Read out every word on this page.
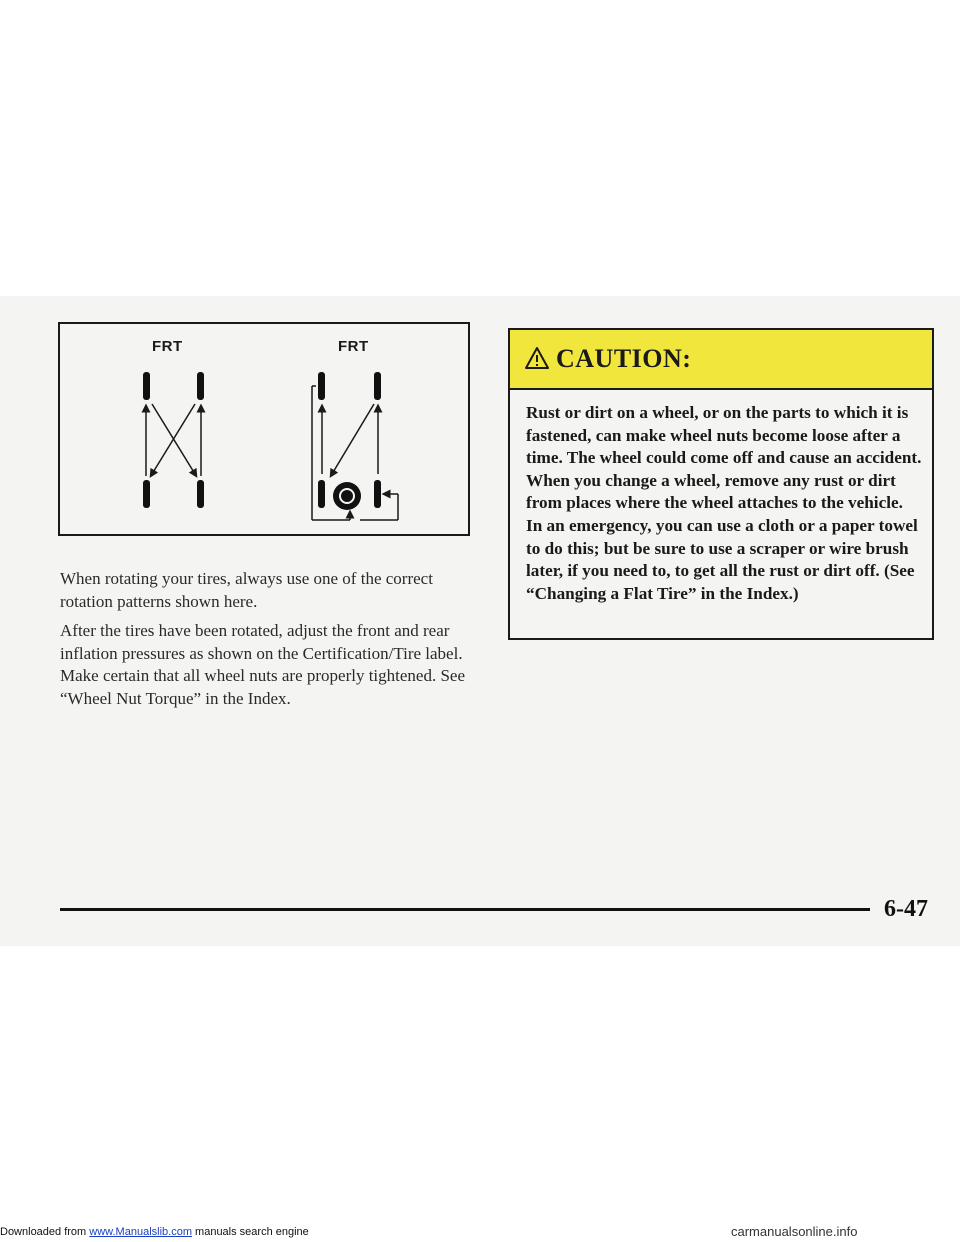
FRT	FRT

When rotating your tires, always use one of the correct rotation patterns shown here.

After the tires have been rotated, adjust the front and rear inflation pressures as shown on the Certification/Tire label. Make certain that all wheel nuts are properly tightened. See “Wheel Nut Torque” in the Index.

CAUTION:

Rust or dirt on a wheel, or on the parts to which it is fastened, can make wheel nuts become loose after a time. The wheel could come off and cause an accident. When you change a wheel, remove any rust or dirt from places where the wheel attaches to the vehicle. In an emergency, you can use a cloth or a paper towel to do this; but be sure to use a scraper or wire brush later, if you need to, to get all the rust or dirt off. (See “Changing a Flat Tire” in the Index.)

6-47
Downloaded from www.Manualslib.com manuals search engine	carmanualsonline.info
